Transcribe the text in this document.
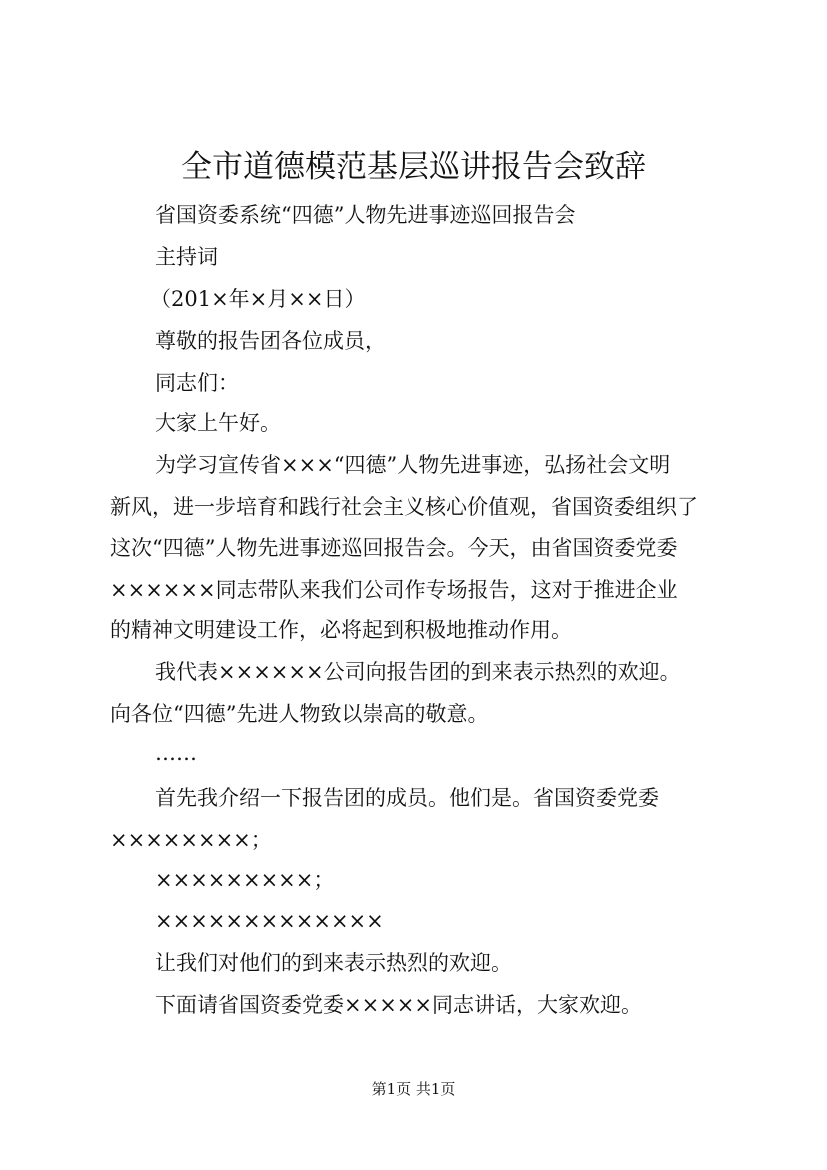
全市道德模范基层巡讲报告会致辞

省国资委系统“四德”人物先进事迹巡回报告会

主持词

（201×年×月××日）

尊敬的报告团各位成员，

同志们：

大家上午好。

为学习宣传省×××“四德”人物先进事迹，弘扬社会文明

新风，进一步培育和践行社会主义核心价值观，省国资委组织了

这次“四德”人物先进事迹巡回报告会。今天，由省国资委党委

××××××同志带队来我们公司作专场报告，这对于推进企业

的精神文明建设工作，必将起到积极地推动作用。

我代表××××××公司向报告团的到来表示热烈的欢迎。

向各位“四德”先进人物致以崇高的敬意。

……

首先我介绍一下报告团的成员。他们是。省国资委党委

××××××××；

×××××××××；

×××××××××××××

让我们对他们的到来表示热烈的欢迎。

下面请省国资委党委×××××同志讲话，大家欢迎。

第1页 共1页
